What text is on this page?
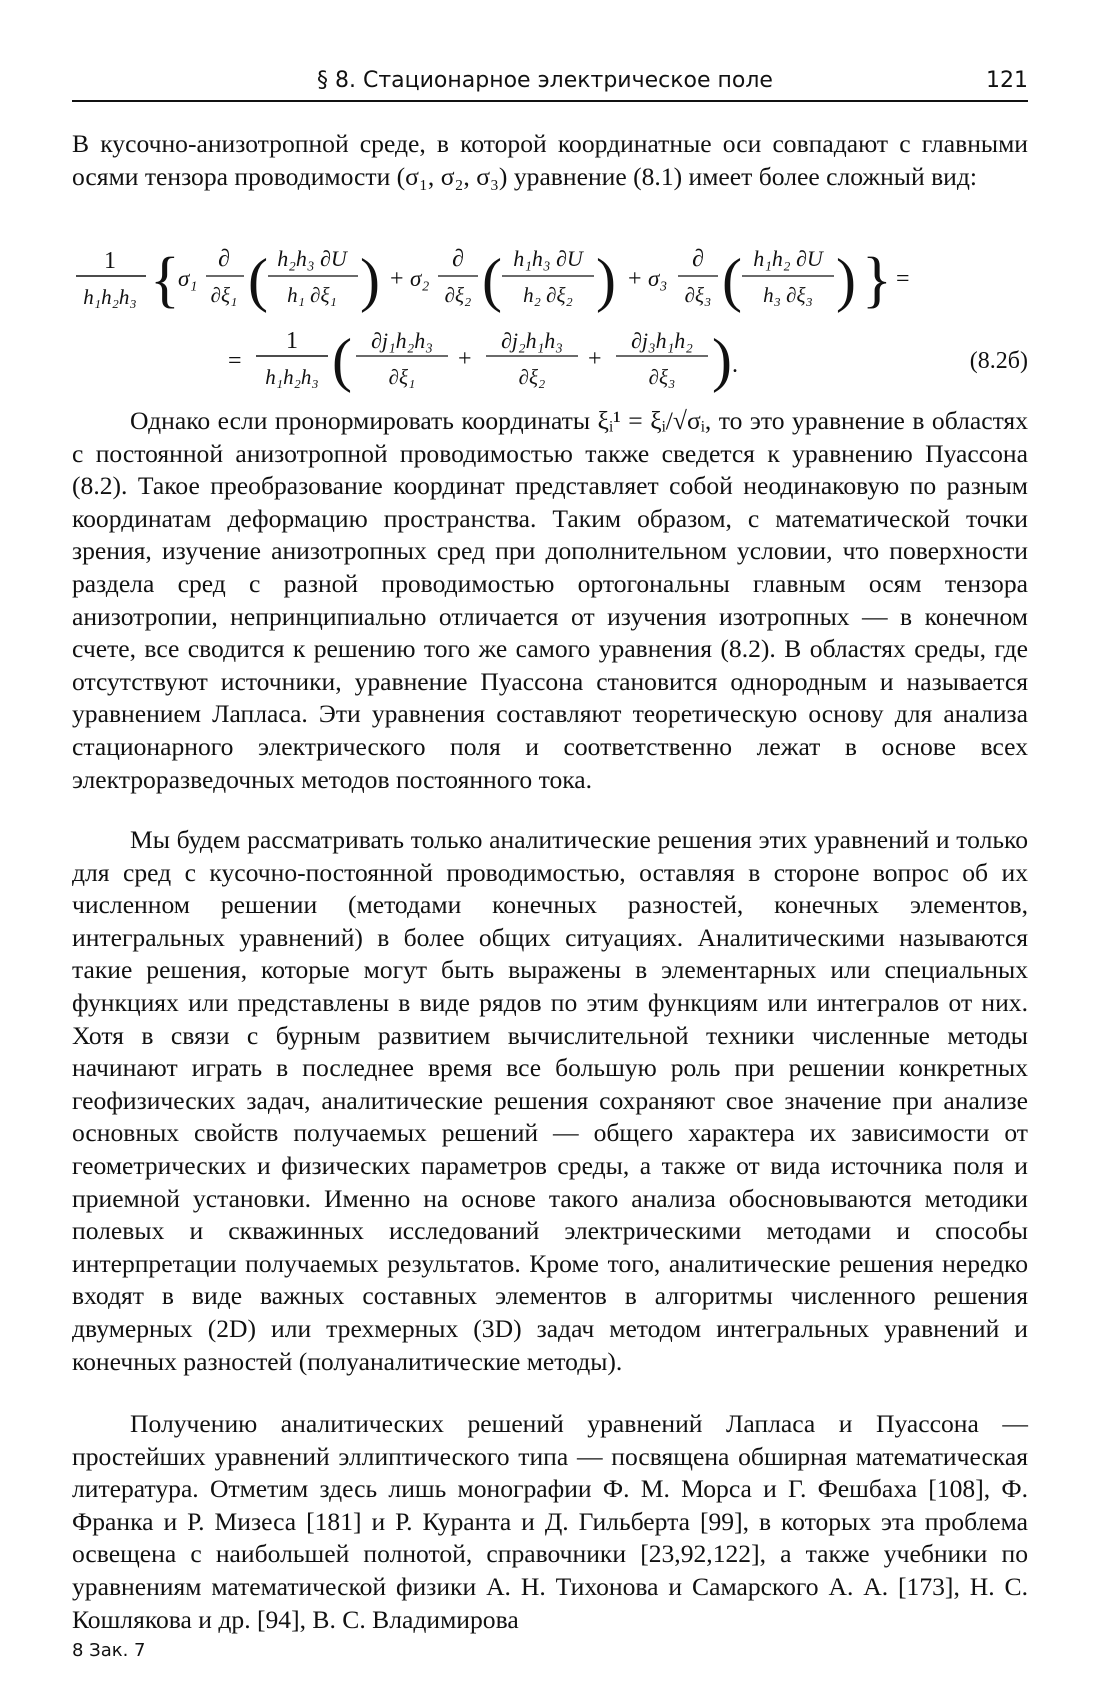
§ 8. Стационарное электрическое поле	121
В кусочно-анизотропной среде, в которой координатные оси совпадают с главными осями тензора проводимости (σ₁, σ₂, σ₃) уравнение (8.1) имеет более сложный вид:
1
h₁h₂h₃ {
σ₁
∂
∂ξ₁ ( h₂h₃ ∂U
h₁ ∂ξ₁ ) + σ₂
∂
∂ξ₂ ( h₁h₃ ∂U
h₂ ∂ξ₂ ) + σ₃
∂
∂ξ₃ ( h₁h₂ ∂U
h₃ ∂ξ₃ ) } =
=
1
h₁h₂h₃ ( ∂j₁h₂h₃
∂ξ₁
+
∂j₂h₁h₃
∂ξ₂
+
∂j₃h₁h₂
∂ξ₃ ) .	(8.2б)
Однако если пронормировать координаты ξᵢ¹ = ξᵢ/√σᵢ, то это уравнение в областях с постоянной анизотропной проводимостью также сведется к уравнению Пуассона (8.2). Такое преобразование координат представляет собой неодинаковую по разным координатам деформацию пространства. Таким образом, с математической точки зрения, изучение анизотропных сред при дополнительном условии, что поверхности раздела сред с разной проводимостью ортогональны главным осям тензора анизотропии, непринципиально отличается от изучения изотропных — в конечном счете, все сводится к решению того же самого уравнения (8.2). В областях среды, где отсутствуют источники, уравнение Пуассона становится однородным и называется уравнением Лапласа. Эти уравнения составляют теоретическую основу для анализа стационарного электрического поля и соответственно лежат в основе всех электроразведочных методов постоянного тока.
Мы будем рассматривать только аналитические решения этих уравнений и только для сред с кусочно-постоянной проводимостью, оставляя в стороне вопрос об их численном решении (методами конечных разностей, конечных элементов, интегральных уравнений) в более общих ситуациях. Аналитическими называются такие решения, которые могут быть выражены в элементарных или специальных функциях или представлены в виде рядов по этим функциям или интегралов от них. Хотя в связи с бурным развитием вычислительной техники численные методы начинают играть в последнее время все большую роль при решении конкретных геофизических задач, аналитические решения сохраняют свое значение при анализе основных свойств получаемых решений — общего характера их зависимости от геометрических и физических параметров среды, а также от вида источника поля и приемной установки. Именно на основе такого анализа обосновываются методики полевых и скважинных исследований электрическими методами и способы интерпретации получаемых результатов. Кроме того, аналитические решения нередко входят в виде важных составных элементов в алгоритмы численного решения двумерных (2D) или трехмерных (3D) задач методом интегральных уравнений и конечных разностей (полуаналитические методы).
Получению аналитических решений уравнений Лапласа и Пуассона — простейших уравнений эллиптического типа — посвящена обширная математическая литература. Отметим здесь лишь монографии Ф. М. Морса и Г. Фешбаха [108], Ф. Франка и Р. Мизеса [181] и Р. Куранта и Д. Гильберта [99], в которых эта проблема освещена с наибольшей полнотой, справочники [23,92,122], а также учебники по уравнениям математической физики А. Н. Тихонова и Самарского А. А. [173], Н. С. Кошлякова и др. [94], В. С. Владимирова
8 Зак. 7
